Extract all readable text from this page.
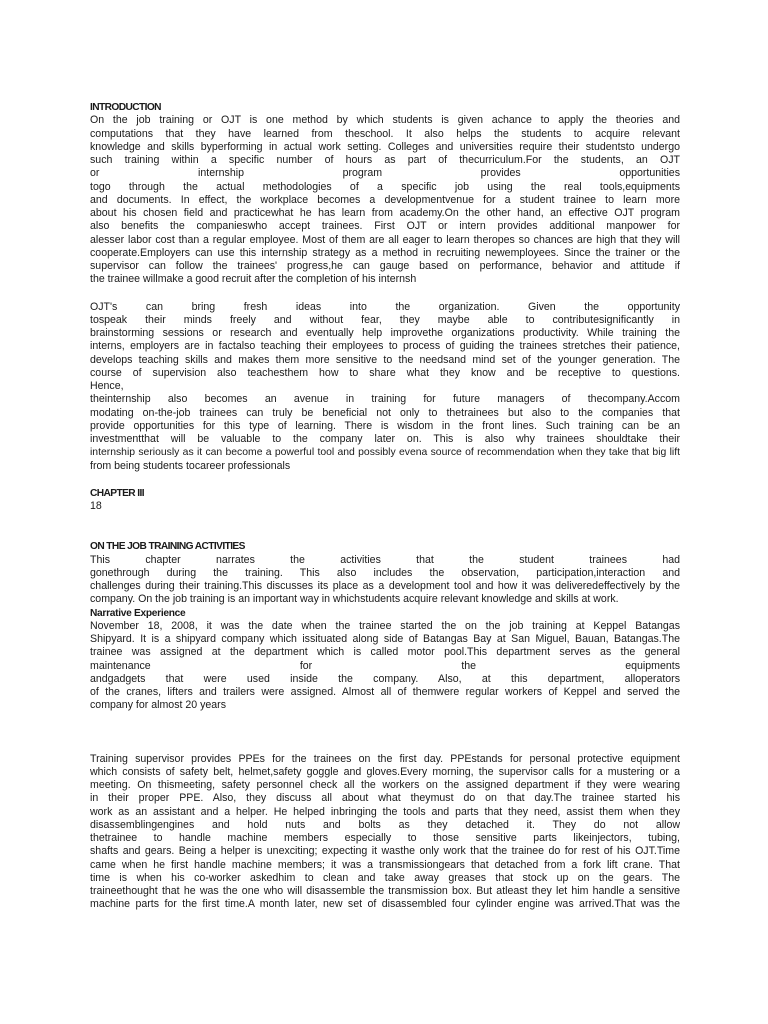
INTRODUCTION
On the job training or OJT is one method by which students is given achance to apply the theories and
computations that they have learned from theschool. It also helps the students to acquire relevant
knowledge and skills byperforming in actual work setting. Colleges and universities require their studentsto undergo
such training within a specific number of hours as part of thecurriculum.For the students, an OJT
or internship program provides opportunities
togo through the actual methodologies of a specific job using the real tools,equipments
and documents. In effect, the workplace becomes a developmentvenue for a student trainee to learn more
about his chosen field and practicewhat he has learn from academy.On the other hand, an effective OJT program
also benefits the companieswho accept trainees. First OJT or intern provides additional manpower for
alesser labor cost than a regular employee. Most of them are all eager to learn theropes so chances are high that they will
cooperate.Employers can use this internship strategy as a method in recruiting newemployees. Since the trainer or the
supervisor can follow the trainees' progress,he can gauge based on performance, behavior and attitude if
the trainee willmake a good recruit after the completion of his internsh
OJT's can bring fresh ideas into the organization. Given the opportunity
tospeak their minds freely and without fear, they maybe able to contributesignificantly in
brainstorming sessions or research and eventually help improvethe organizations productivity. While training the
interns, employers are in factalso teaching their employees to process of guiding the trainees stretches their patience,
develops teaching skills and makes them more sensitive to the needsand mind set of the younger generation. The
course of supervision also teachesthem how to share what they know and be receptive to questions.
Hence,
theinternship also becomes an avenue in training for future managers of thecompany.Accom
modating on-the-job trainees can truly be beneficial not only to thetrainees but also to the companies that
provide opportunities for this type of learning. There is wisdom in the front lines. Such training can be an
investmentthat will be valuable to the company later on. This is also why trainees shouldtake their
internship seriously as it can become a powerful tool and possibly evena source of recommendation when they take that big lift
from being students tocareer professionals
CHAPTER III
18
ON THE JOB TRAINING ACTIVITIES
This chapter narrates the activities that the student trainees had
gonethrough during the training. This also includes the observation, participation,interaction and
challenges during their training.This discusses its place as a development tool and how it was deliveredeffectively by the
company. On the job training is an important way in whichstudents acquire relevant knowledge and skills at work.
Narrative Experience
November 18, 2008, it was the date when the trainee started the on the job training at Keppel Batangas
Shipyard. It is a shipyard company which issituated along side of Batangas Bay at San Miguel, Bauan, Batangas.The
trainee was assigned at the department which is called motor pool.This department serves as the general
maintenance for the equipments
andgadgets that were used inside the company. Also, at this department, alloperators
of the cranes, lifters and trailers were assigned. Almost all of themwere regular workers of Keppel and served the
company for almost 20 years
Training supervisor provides PPEs for the trainees on the first day. PPEstands for personal protective equipment
which consists of safety belt, helmet,safety goggle and gloves.Every morning, the supervisor calls for a mustering or a
meeting. On thismeeting, safety personnel check all the workers on the assigned department if they were wearing
in their proper PPE. Also, they discuss all about what theymust do on that day.The trainee started his
work as an assistant and a helper. He helped inbringing the tools and parts that they need, assist them when they
disassemblingengines and hold nuts and bolts as they detached it. They do not allow
thetrainee to handle machine members especially to those sensitive parts likeinjectors, tubing,
shafts and gears. Being a helper is unexciting; expecting it wasthe only work that the trainee do for rest of his OJT.Time
came when he first handle machine members; it was a transmissiongears that detached from a fork lift crane. That
time is when his co-worker askedhim to clean and take away greases that stock up on the gears. The
traineethought that he was the one who will disassemble the transmission box. But atleast they let him handle a sensitive
machine parts for the first time.A month later, new set of disassembled four cylinder engine was arrived.That was the
